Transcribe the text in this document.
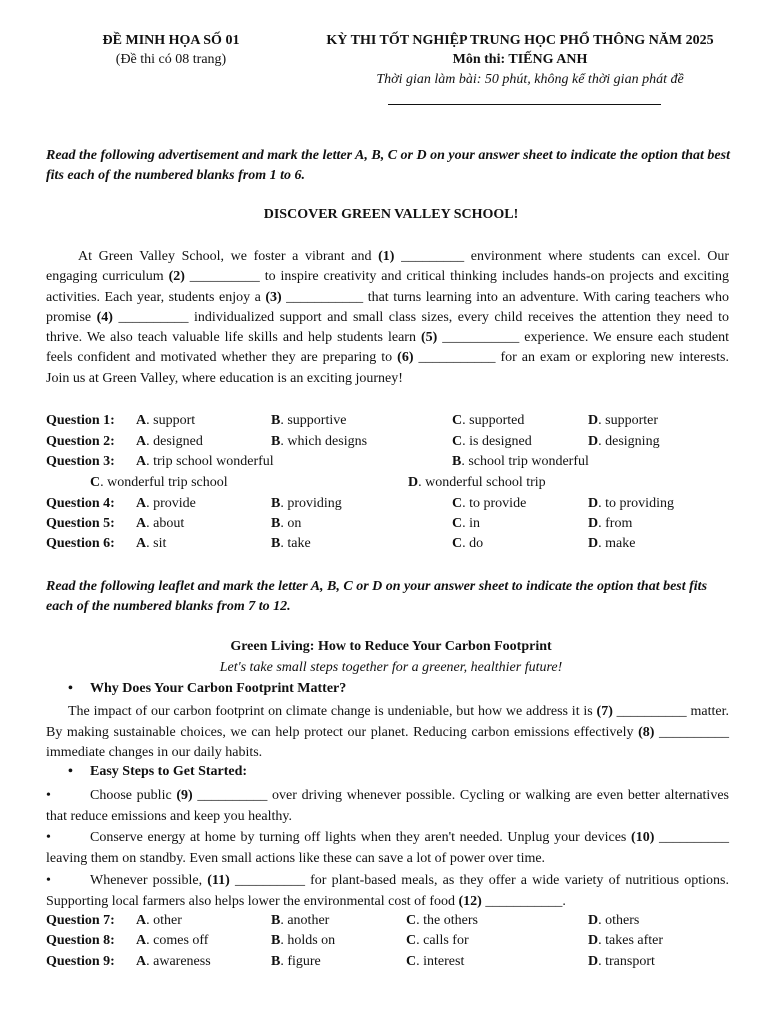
ĐỀ MINH HỌA SỐ 01
(Đề thi có 08 trang)
KỲ THI TỐT NGHIỆP TRUNG HỌC PHỔ THÔNG NĂM 2025
Môn thi: TIẾNG ANH
Thời gian làm bài: 50 phút, không kể thời gian phát đề
Read the following advertisement and mark the letter A, B, C or D on your answer sheet to indicate the option that best fits each of the numbered blanks from 1 to 6.
DISCOVER GREEN VALLEY SCHOOL!
At Green Valley School, we foster a vibrant and (1) _________ environment where students can excel. Our engaging curriculum (2) __________ to inspire creativity and critical thinking includes hands-on projects and exciting activities. Each year, students enjoy a (3) ___________ that turns learning into an adventure. With caring teachers who promise (4) __________ individualized support and small class sizes, every child receives the attention they need to thrive. We also teach valuable life skills and help students learn (5) ___________ experience. We ensure each student feels confident and motivated whether they are preparing to (6) ___________ for an exam or exploring new interests. Join us at Green Valley, where education is an exciting journey!
Question 1: A. support	B. supportive	C. supported	D. supporter
Question 2: A. designed	B. which designs	C. is designed	D. designing
Question 3: A. trip school wonderful	B. school trip wonderful
C. wonderful trip school	D. wonderful school trip
Question 4: A. provide	B. providing	C. to provide	D. to providing
Question 5: A. about	B. on	C. in	D. from
Question 6: A. sit	B. take	C. do	D. make
Read the following leaflet and mark the letter A, B, C or D on your answer sheet to indicate the option that best fits each of the numbered blanks from 7 to 12.
Green Living: How to Reduce Your Carbon Footprint
Let's take small steps together for a greener, healthier future!
• Why Does Your Carbon Footprint Matter?
The impact of our carbon footprint on climate change is undeniable, but how we address it is (7) __________ matter. By making sustainable choices, we can help protect our planet. Reducing carbon emissions effectively (8) __________ immediate changes in our daily habits.
• Easy Steps to Get Started:
•	Choose public (9) __________ over driving whenever possible. Cycling or walking are even better alternatives that reduce emissions and keep you healthy.
•	Conserve energy at home by turning off lights when they aren't needed. Unplug your devices (10) __________ leaving them on standby. Even small actions like these can save a lot of power over time.
•	Whenever possible, (11) __________ for plant-based meals, as they offer a wide variety of nutritious options. Supporting local farmers also helps lower the environmental cost of food (12) ___________.
Question 7: A. other	B. another	C. the others	D. others
Question 8: A. comes off	B. holds on	C. calls for	D. takes after
Question 9: A. awareness	B. figure	C. interest	D. transport
